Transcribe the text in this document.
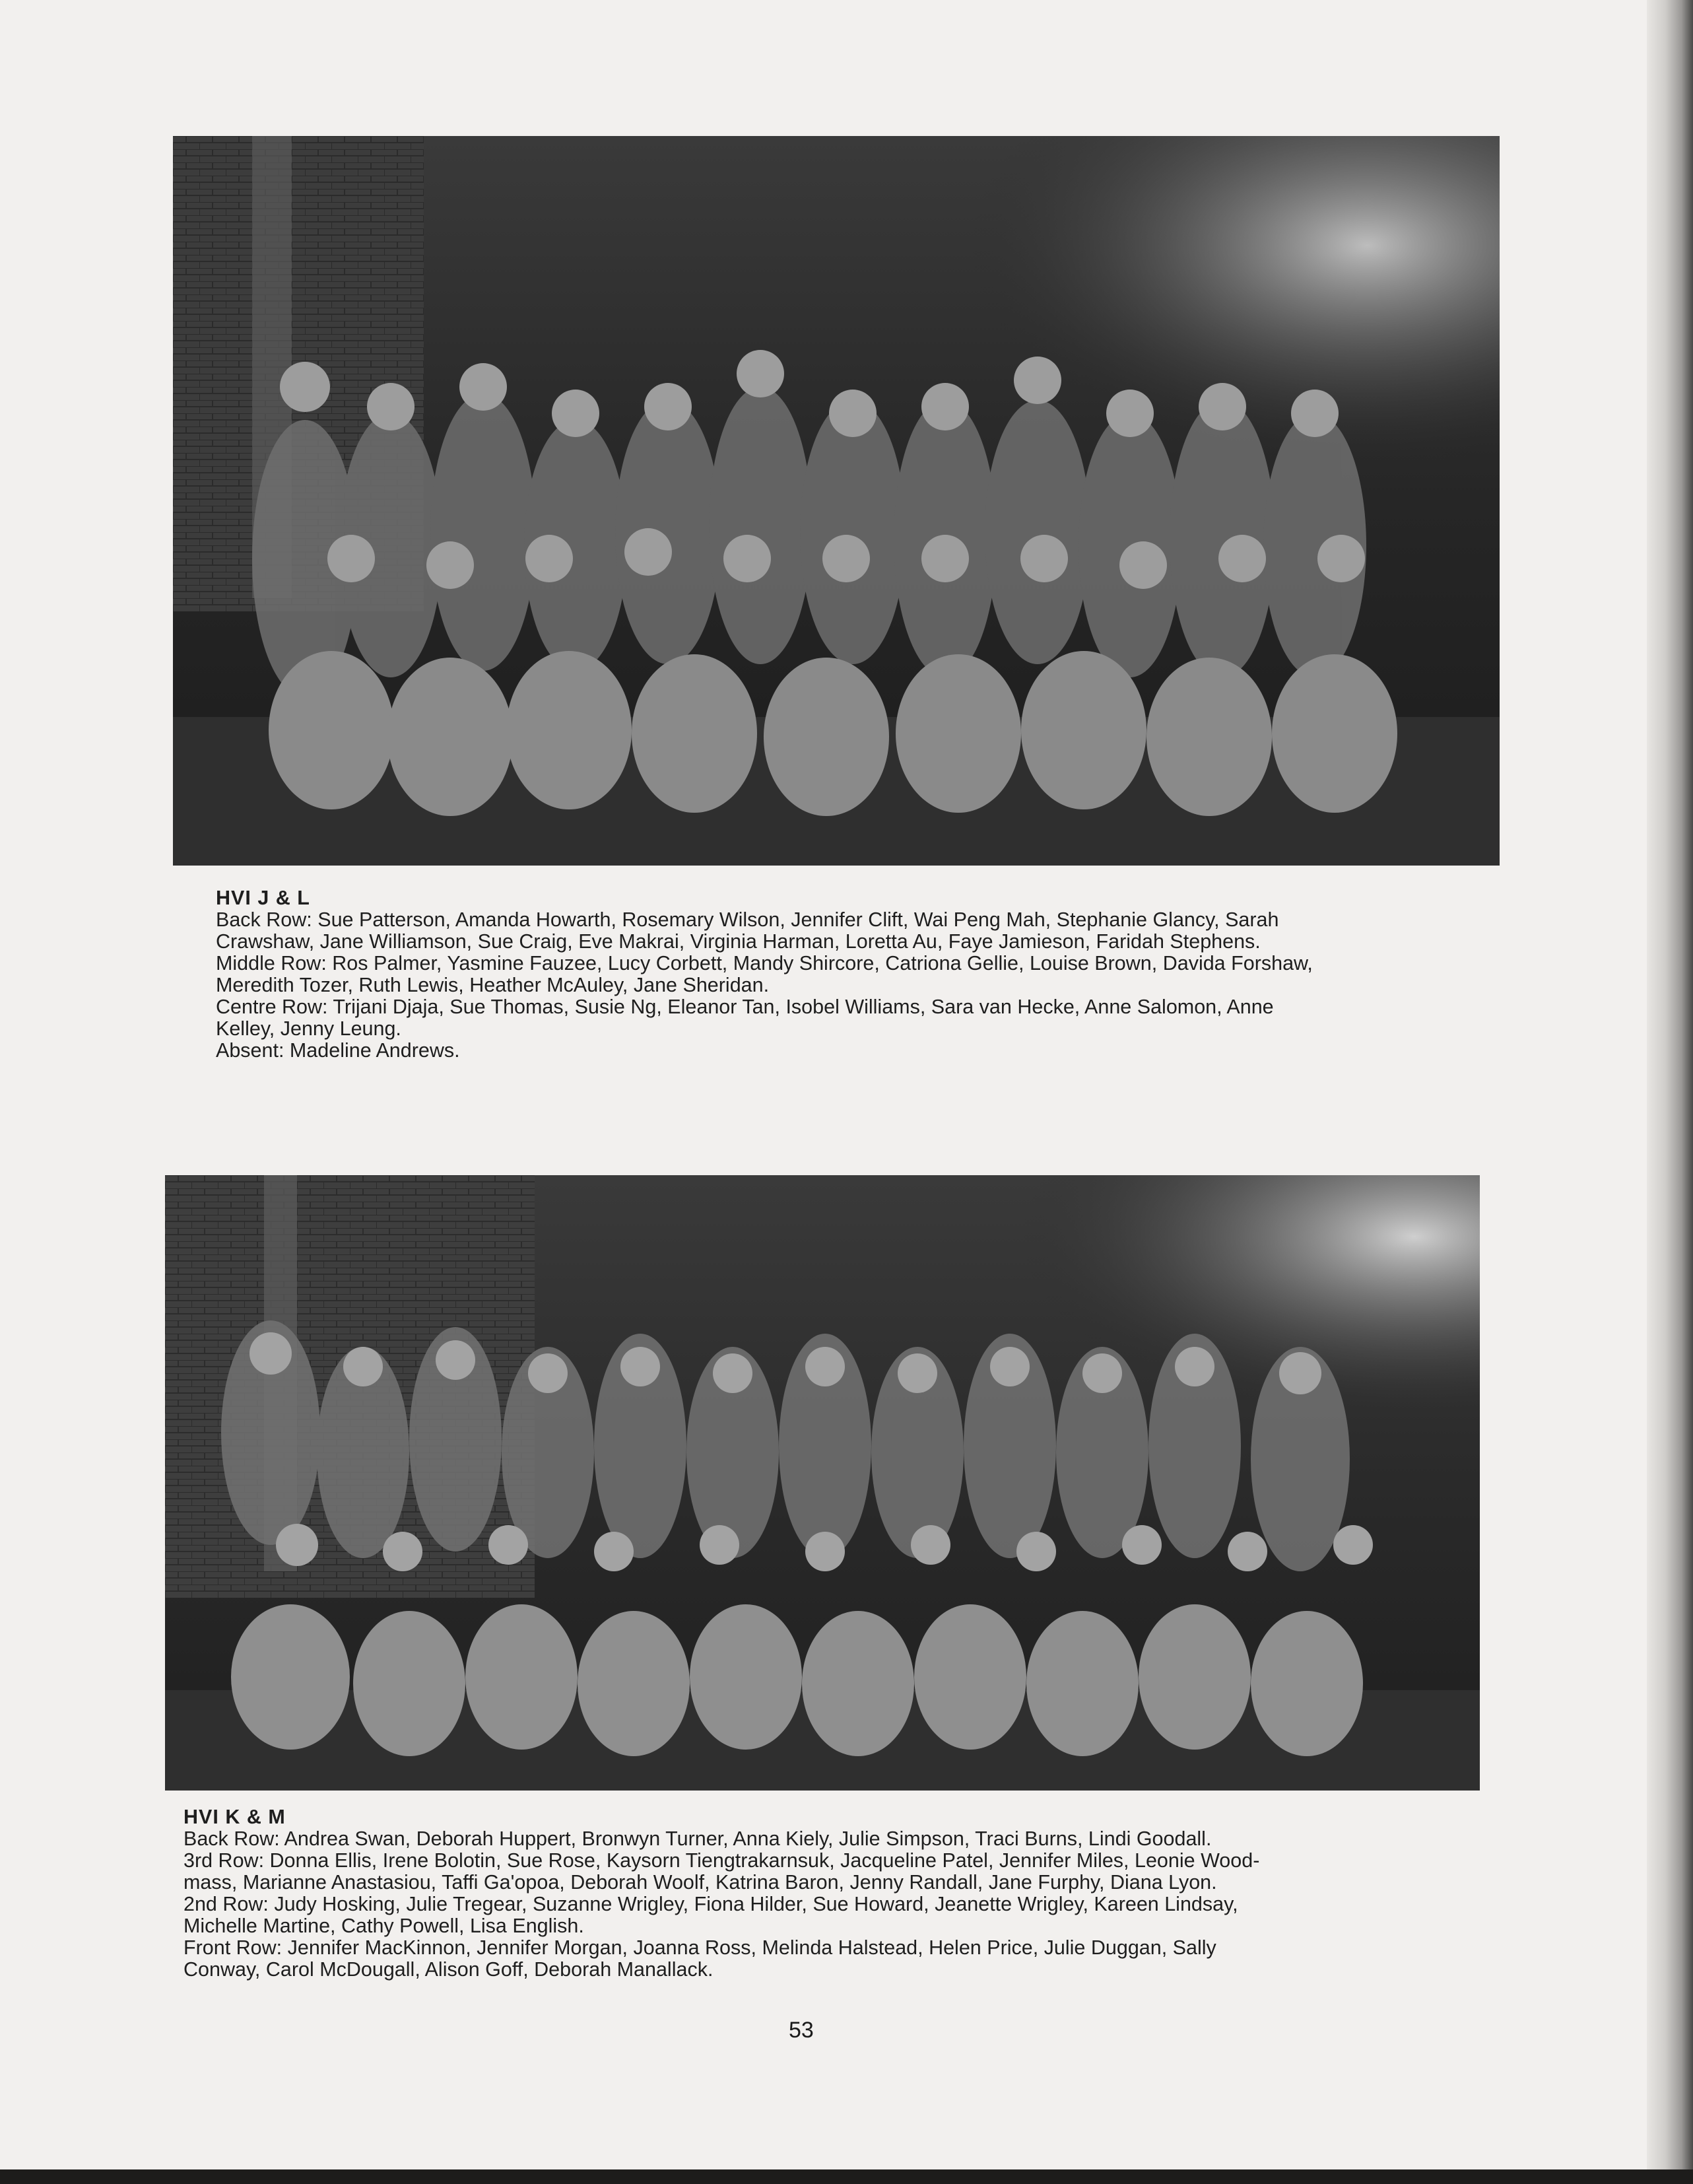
HVI J & L
Back Row: Sue Patterson, Amanda Howarth, Rosemary Wilson, Jennifer Clift, Wai Peng Mah, Stephanie Glancy, Sarah
Crawshaw, Jane Williamson, Sue Craig, Eve Makrai, Virginia Harman, Loretta Au, Faye Jamieson, Faridah Stephens.
Middle Row: Ros Palmer, Yasmine Fauzee, Lucy Corbett, Mandy Shircore, Catriona Gellie, Louise Brown, Davida Forshaw,
Meredith Tozer, Ruth Lewis, Heather McAuley, Jane Sheridan.
Centre Row: Trijani Djaja, Sue Thomas, Susie Ng, Eleanor Tan, Isobel Williams, Sara van Hecke, Anne Salomon, Anne
Kelley, Jenny Leung.
Absent: Madeline Andrews.
HVI K & M
Back Row: Andrea Swan, Deborah Huppert, Bronwyn Turner, Anna Kiely, Julie Simpson, Traci Burns, Lindi Goodall.
3rd Row: Donna Ellis, Irene Bolotin, Sue Rose, Kaysorn Tiengtrakarnsuk, Jacqueline Patel, Jennifer Miles, Leonie Wood-
mass, Marianne Anastasiou, Taffi Ga'opoa, Deborah Woolf, Katrina Baron, Jenny Randall, Jane Furphy, Diana Lyon.
2nd Row: Judy Hosking, Julie Tregear, Suzanne Wrigley, Fiona Hilder, Sue Howard, Jeanette Wrigley, Kareen Lindsay,
Michelle Martine, Cathy Powell, Lisa English.
Front Row: Jennifer MacKinnon, Jennifer Morgan, Joanna Ross, Melinda Halstead, Helen Price, Julie Duggan, Sally
Conway, Carol McDougall, Alison Goff, Deborah Manallack.
53
